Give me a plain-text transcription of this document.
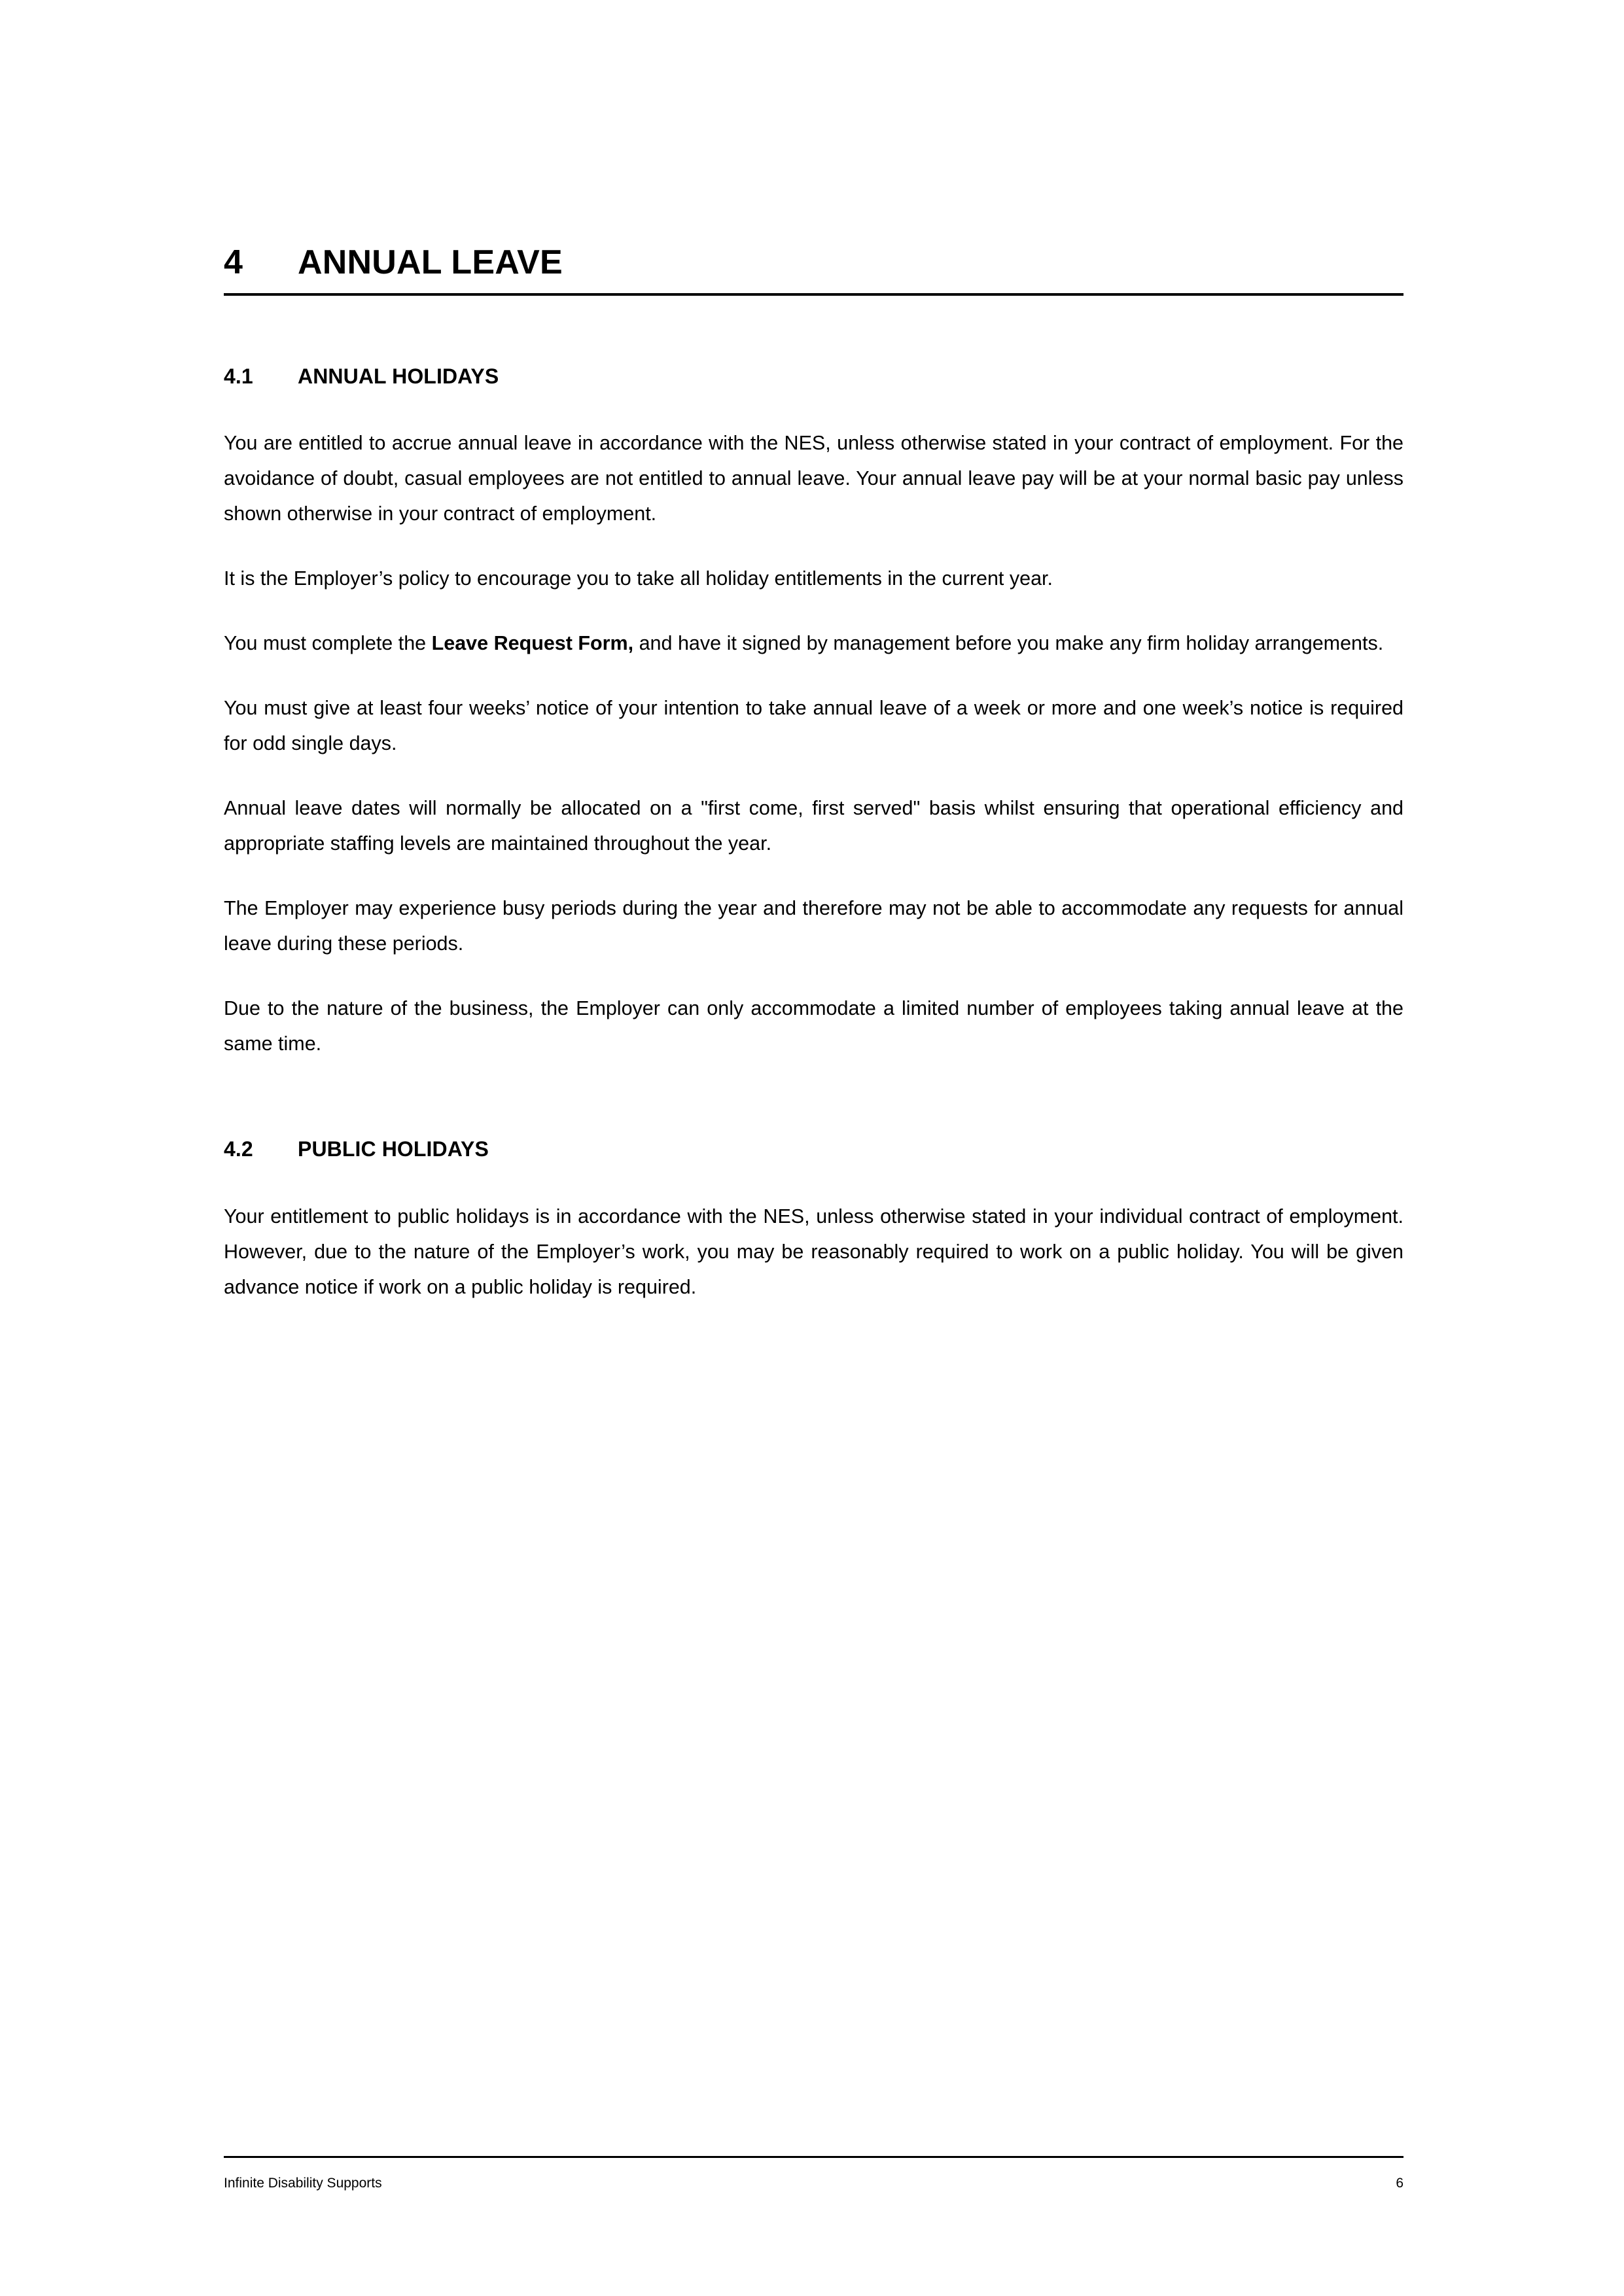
4 ANNUAL LEAVE
4.1 ANNUAL HOLIDAYS

You are entitled to accrue annual leave in accordance with the NES, unless otherwise stated in your contract of employment. For the avoidance of doubt, casual employees are not entitled to annual leave. Your annual leave pay will be at your normal basic pay unless shown otherwise in your contract of employment.

It is the Employer’s policy to encourage you to take all holiday entitlements in the current year.

You must complete the Leave Request Form, and have it signed by management before you make any firm holiday arrangements.

You must give at least four weeks’ notice of your intention to take annual leave of a week or more and one week’s notice is required for odd single days.

Annual leave dates will normally be allocated on a "first come, first served" basis whilst ensuring that operational efficiency and appropriate staffing levels are maintained throughout the year.

The Employer may experience busy periods during the year and therefore may not be able to accommodate any requests for annual leave during these periods.

Due to the nature of the business, the Employer can only accommodate a limited number of employees taking annual leave at the same time.

4.2 PUBLIC HOLIDAYS

Your entitlement to public holidays is in accordance with the NES, unless otherwise stated in your individual contract of employment. However, due to the nature of the Employer’s work, you may be reasonably required to work on a public holiday. You will be given advance notice if work on a public holiday is required.

Infinite Disability Supports	6
